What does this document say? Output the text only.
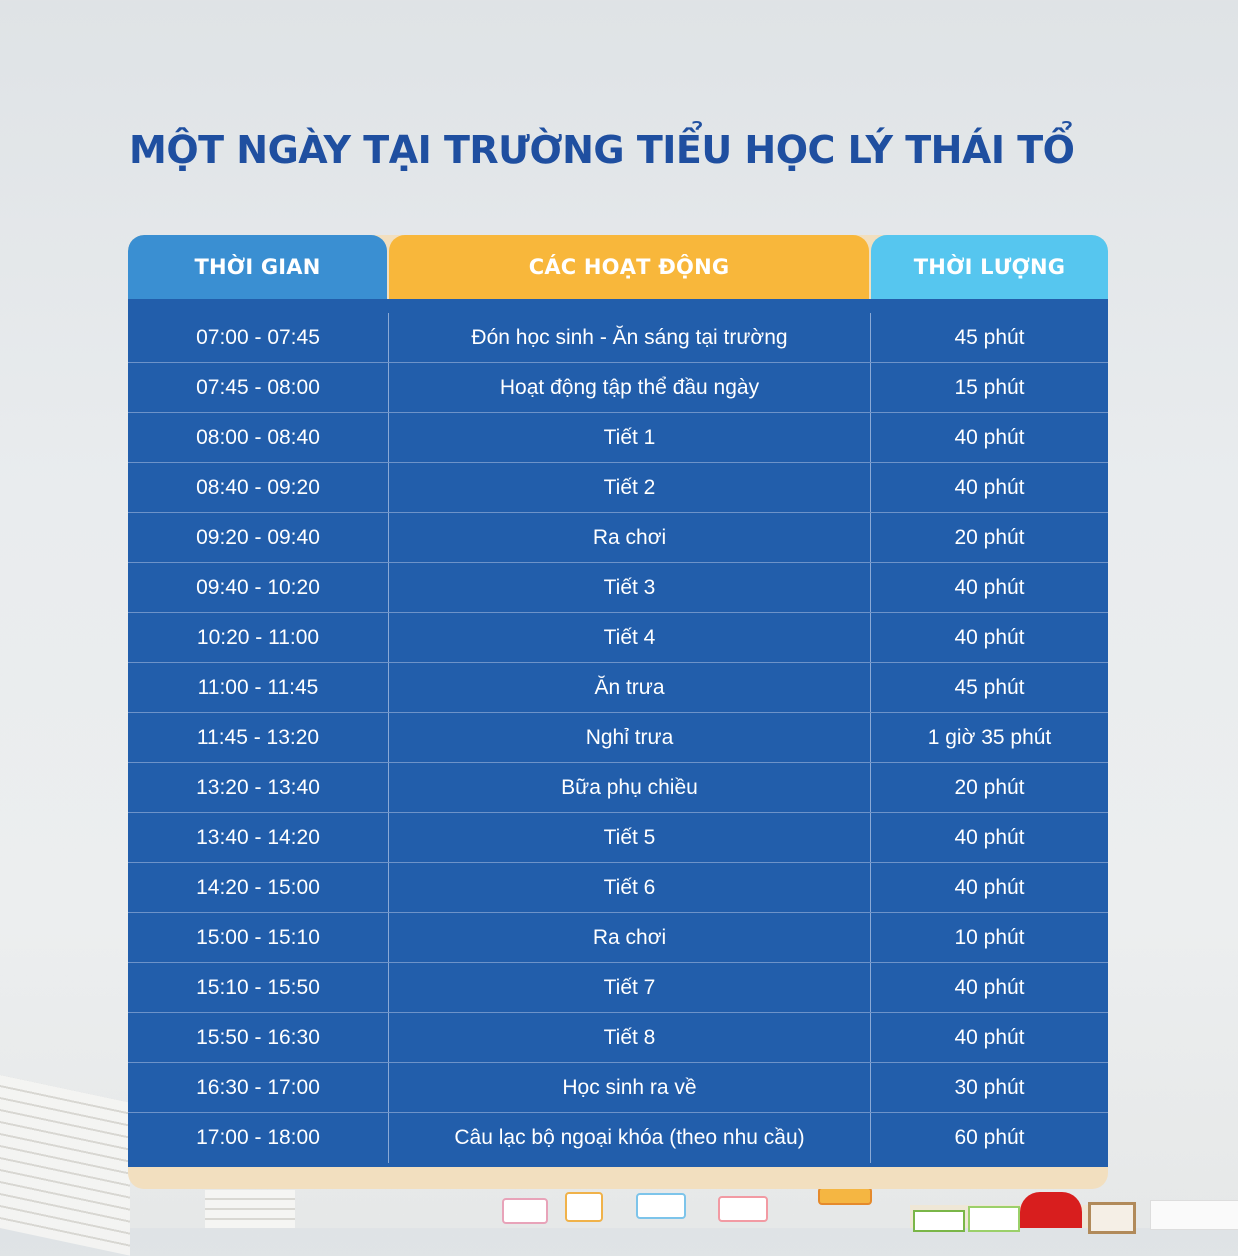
MỘT NGÀY TẠI TRƯỜNG TIỂU HỌC LÝ THÁI TỔ
THỜI GIAN	CÁC HOẠT ĐỘNG	THỜI LƯỢNG
07:00 - 07:45	Đón học sinh - Ăn sáng tại trường	45 phút
07:45 - 08:00	Hoạt động tập thể đầu ngày	15 phút
08:00 - 08:40	Tiết 1	40 phút
08:40 - 09:20	Tiết 2	40 phút
09:20 - 09:40	Ra chơi	20 phút
09:40 - 10:20	Tiết 3	40 phút
10:20 - 11:00	Tiết 4	40 phút
11:00 - 11:45	Ăn trưa	45 phút
11:45 - 13:20	Nghỉ trưa	1 giờ 35 phút
13:20 - 13:40	Bữa phụ chiều	20 phút
13:40 - 14:20	Tiết 5	40 phút
14:20 - 15:00	Tiết 6	40 phút
15:00 - 15:10	Ra chơi	10 phút
15:10 - 15:50	Tiết 7	40 phút
15:50 - 16:30	Tiết 8	40 phút
16:30 - 17:00	Học sinh ra về	30 phút
17:00 - 18:00	Câu lạc bộ ngoại khóa (theo nhu cầu)	60 phút
